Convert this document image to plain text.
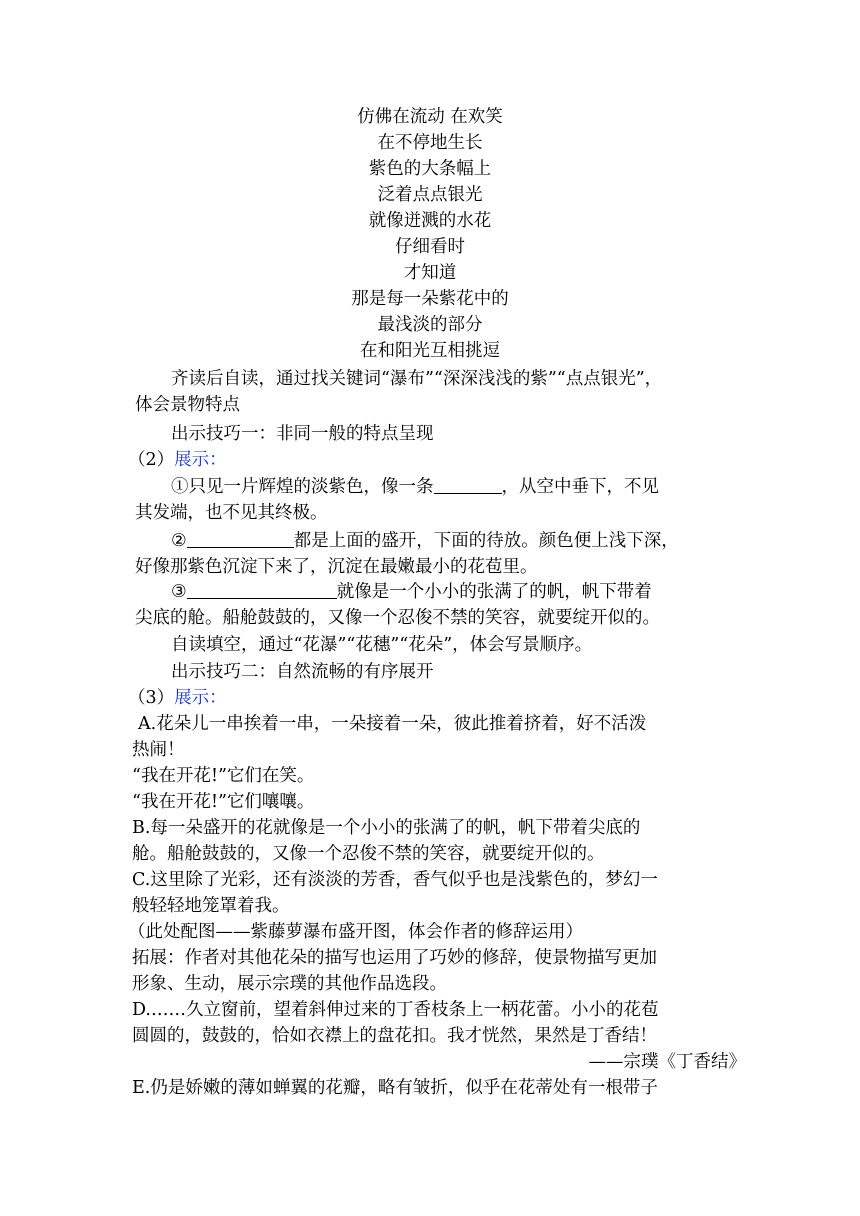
仿佛在流动 在欢笑
在不停地生长
紫色的大条幅上
泛着点点银光
就像迸溅的水花
仔细看时
才知道
那是每一朵紫花中的
最浅淡的部分
在和阳光互相挑逗
齐读后自读，通过找关键词“瀑布”“深深浅浅的紫”“点点银光”，
体会景物特点
出示技巧一：非同一般的特点呈现
（2）展示：
①只见一片辉煌的淡紫色，像一条	，从空中垂下，不见
其发端，也不见其终极。
②	都是上面的盛开，下面的待放。颜色便上浅下深，
好像那紫色沉淀下来了，沉淀在最嫩最小的花苞里。
③	就像是一个小小的张满了的帆，帆下带着
尖底的舱。船舱鼓鼓的，又像一个忍俊不禁的笑容，就要绽开似的。
自读填空，通过“花瀑”“花穗”“花朵”，体会写景顺序。
出示技巧二：自然流畅的有序展开
（3）展示：
A.花朵儿一串挨着一串，一朵接着一朵，彼此推着挤着，好不活泼
热闹！
“我在开花!”它们在笑。
“我在开花!”它们嚷嚷。
B.每一朵盛开的花就像是一个小小的张满了的帆，帆下带着尖底的
舱。船舱鼓鼓的，又像一个忍俊不禁的笑容，就要绽开似的。
C.这里除了光彩，还有淡淡的芳香，香气似乎也是浅紫色的，梦幻一
般轻轻地笼罩着我。
（此处配图——紫藤萝瀑布盛开图，体会作者的修辞运用）
拓展：作者对其他花朵的描写也运用了巧妙的修辞，使景物描写更加
形象、生动，展示宗璞的其他作品选段。
D.……久立窗前，望着斜伸过来的丁香枝条上一柄花蕾。小小的花苞
圆圆的，鼓鼓的，恰如衣襟上的盘花扣。我才恍然，果然是丁香结！
——宗璞《丁香结》
E.仍是娇嫩的薄如蝉翼的花瓣，略有皱折，似乎在花蒂处有一根带子
